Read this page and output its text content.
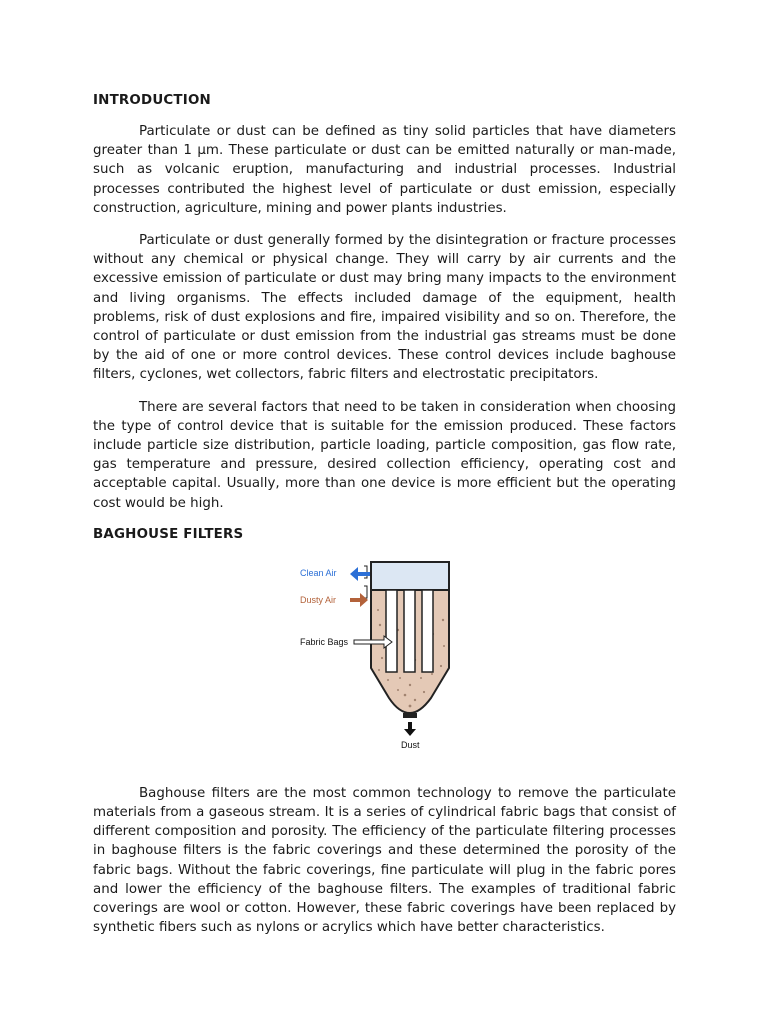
INTRODUCTION

Particulate or dust can be defined as tiny solid particles that have diameters greater than 1 μm. These particulate or dust can be emitted naturally or man-made, such as volcanic eruption, manufacturing and industrial processes. Industrial processes contributed the highest level of particulate or dust emission, especially construction, agriculture, mining and power plants industries.

Particulate or dust generally formed by the disintegration or fracture processes without any chemical or physical change. They will carry by air currents and the excessive emission of particulate or dust may bring many impacts to the environment and living organisms. The effects included damage of the equipment, health problems, risk of dust explosions and fire, impaired visibility and so on. Therefore, the control of particulate or dust emission from the industrial gas streams must be done by the aid of one or more control devices. These control devices include baghouse filters, cyclones, wet collectors, fabric filters and electrostatic precipitators.

There are several factors that need to be taken in consideration when choosing the type of control device that is suitable for the emission produced. These factors include particle size distribution, particle loading, particle composition, gas flow rate, gas temperature and pressure, desired collection efficiency, operating cost and acceptable capital. Usually, more than one device is more efficient but the operating cost would be high.

BAGHOUSE FILTERS
Clean Air
Dusty Air
Fabric Bags
Dust

Baghouse filters are the most common technology to remove the particulate materials from a gaseous stream. It is a series of cylindrical fabric bags that consist of different composition and porosity. The efficiency of the particulate filtering processes in baghouse filters is the fabric coverings and these determined the porosity of the fabric bags. Without the fabric coverings, fine particulate will plug in the fabric pores and lower the efficiency of the baghouse filters. The examples of traditional fabric coverings are wool or cotton. However, these fabric coverings have been replaced by synthetic fibers such as nylons or acrylics which have better characteristics.
